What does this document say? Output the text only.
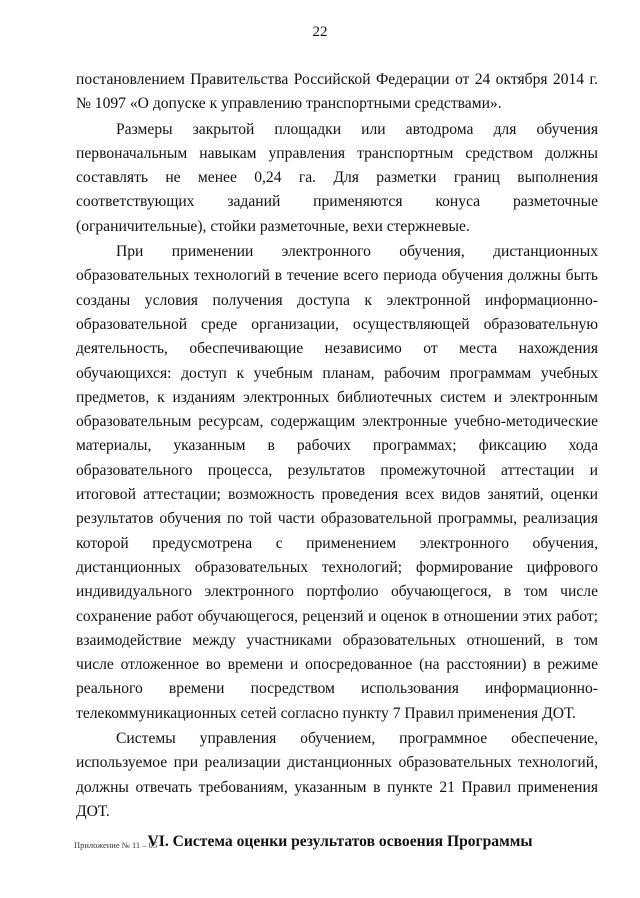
22

постановлением Правительства Российской Федерации от 24 октября 2014 г. № 1097 «О допуске к управлению транспортными средствами».

Размеры закрытой площадки или автодрома для обучения первоначальным навыкам управления транспортным средством должны составлять не менее 0,24 га. Для разметки границ выполнения соответствующих заданий применяются конуса разметочные (ограничительные), стойки разметочные, вехи стержневые.

При применении электронного обучения, дистанционных образовательных технологий в течение всего периода обучения должны быть созданы условия получения доступа к электронной информационно-образовательной среде организации, осуществляющей образовательную деятельность, обеспечивающие независимо от места нахождения обучающихся: доступ к учебным планам, рабочим программам учебных предметов, к изданиям электронных библиотечных систем и электронным образовательным ресурсам, содержащим электронные учебно-методические материалы, указанным в рабочих программах; фиксацию хода образовательного процесса, результатов промежуточной аттестации и итоговой аттестации; возможность проведения всех видов занятий, оценки результатов обучения по той части образовательной программы, реализация которой предусмотрена с применением электронного обучения, дистанционных образовательных технологий; формирование цифрового индивидуального электронного портфолио обучающегося, в том числе сохранение работ обучающегося, рецензий и оценок в отношении этих работ; взаимодействие между участниками образовательных отношений, в том числе отложенное во времени и опосредованное (на расстоянии) в режиме реального времени посредством использования информационно-телекоммуникационных сетей согласно пункту 7 Правил применения ДОТ.

Системы управления обучением, программное обеспечение, используемое при реализации дистанционных образовательных технологий, должны отвечать требованиям, указанным в пункте 21 Правил применения ДОТ.

VI. Система оценки результатов освоения Программы
Приложение № 11 – 05
